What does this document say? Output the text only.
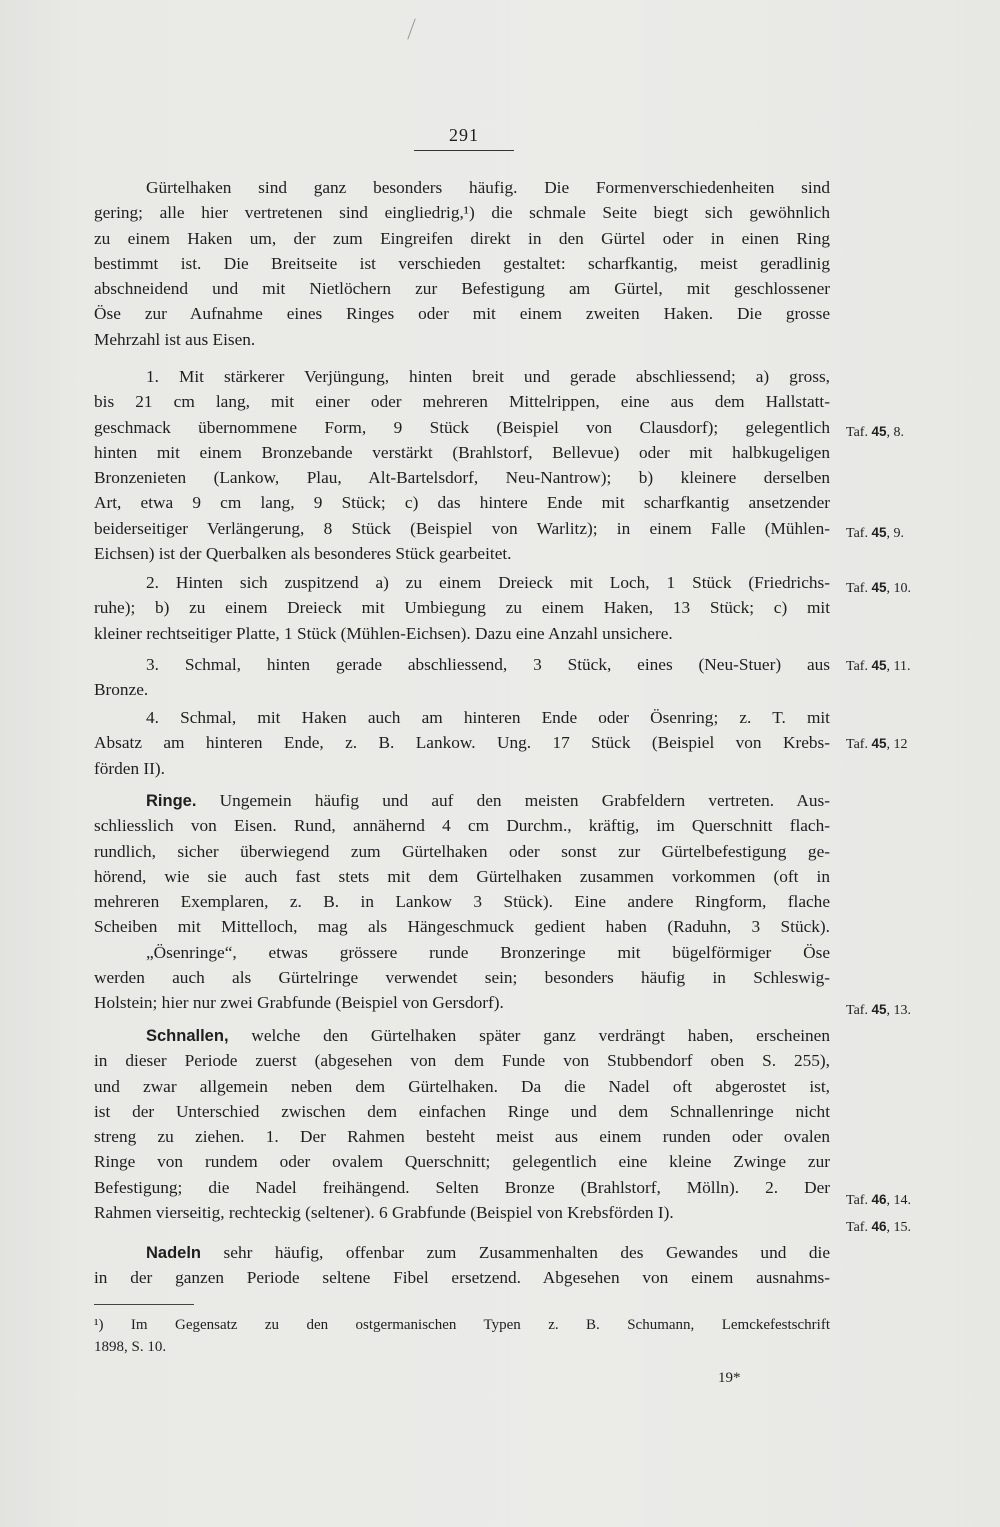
291
Gürtelhaken sind ganz besonders häufig. Die Formenverschiedenheiten sind
gering; alle hier vertretenen sind eingliedrig,¹) die schmale Seite biegt sich gewöhnlich
zu einem Haken um, der zum Eingreifen direkt in den Gürtel oder in einen Ring
bestimmt ist. Die Breitseite ist verschieden gestaltet: scharfkantig, meist geradlinig
abschneidend und mit Nietlöchern zur Befestigung am Gürtel, mit geschlossener
Öse zur Aufnahme eines Ringes oder mit einem zweiten Haken. Die grosse
Mehrzahl ist aus Eisen.
1. Mit stärkerer Verjüngung, hinten breit und gerade abschliessend; a) gross,
bis 21 cm lang, mit einer oder mehreren Mittelrippen, eine aus dem Hallstatt-
geschmack übernommene Form, 9 Stück (Beispiel von Clausdorf); gelegentlich
hinten mit einem Bronzebande verstärkt (Brahlstorf, Bellevue) oder mit halbkugeligen
Bronzenieten (Lankow, Plau, Alt-Bartelsdorf, Neu-Nantrow); b) kleinere derselben
Art, etwa 9 cm lang, 9 Stück; c) das hintere Ende mit scharfkantig ansetzender
beiderseitiger Verlängerung, 8 Stück (Beispiel von Warlitz); in einem Falle (Mühlen-
Eichsen) ist der Querbalken als besonderes Stück gearbeitet.
2. Hinten sich zuspitzend a) zu einem Dreieck mit Loch, 1 Stück (Friedrichs-
ruhe); b) zu einem Dreieck mit Umbiegung zu einem Haken, 13 Stück; c) mit
kleiner rechtseitiger Platte, 1 Stück (Mühlen-Eichsen). Dazu eine Anzahl unsichere.
3. Schmal, hinten gerade abschliessend, 3 Stück, eines (Neu-Stuer) aus
Bronze.
4. Schmal, mit Haken auch am hinteren Ende oder Ösenring; z. T. mit
Absatz am hinteren Ende, z. B. Lankow. Ung. 17 Stück (Beispiel von Krebs-
förden II).
Ringe. Ungemein häufig und auf den meisten Grabfeldern vertreten. Aus-
schliesslich von Eisen. Rund, annähernd 4 cm Durchm., kräftig, im Querschnitt flach-
rundlich, sicher überwiegend zum Gürtelhaken oder sonst zur Gürtelbefestigung ge-
hörend, wie sie auch fast stets mit dem Gürtelhaken zusammen vorkommen (oft in
mehreren Exemplaren, z. B. in Lankow 3 Stück). Eine andere Ringform, flache
Scheiben mit Mittelloch, mag als Hängeschmuck gedient haben (Raduhn, 3 Stück).
„Ösenringe“, etwas grössere runde Bronzeringe mit bügelförmiger Öse
werden auch als Gürtelringe verwendet sein; besonders häufig in Schleswig-
Holstein; hier nur zwei Grabfunde (Beispiel von Gersdorf).
Schnallen, welche den Gürtelhaken später ganz verdrängt haben, erscheinen
in dieser Periode zuerst (abgesehen von dem Funde von Stubbendorf oben S. 255),
und zwar allgemein neben dem Gürtelhaken. Da die Nadel oft abgerostet ist,
ist der Unterschied zwischen dem einfachen Ringe und dem Schnallenringe nicht
streng zu ziehen. 1. Der Rahmen besteht meist aus einem runden oder ovalen
Ringe von rundem oder ovalem Querschnitt; gelegentlich eine kleine Zwinge zur
Befestigung; die Nadel freihängend. Selten Bronze (Brahlstorf, Mölln). 2. Der
Rahmen vierseitig, rechteckig (seltener). 6 Grabfunde (Beispiel von Krebsförden I).
Nadeln sehr häufig, offenbar zum Zusammenhalten des Gewandes und die
in der ganzen Periode seltene Fibel ersetzend. Abgesehen von einem ausnahms-
Taf. 45, 8.
Taf. 45, 9.
Taf. 45, 10.
Taf. 45, 11.
Taf. 45, 12
Taf. 45, 13.
Taf. 46, 14.
Taf. 46, 15.
¹) Im Gegensatz zu den ostgermanischen Typen z. B. Schumann, Lemckefestschrift
1898, S. 10.
19*
